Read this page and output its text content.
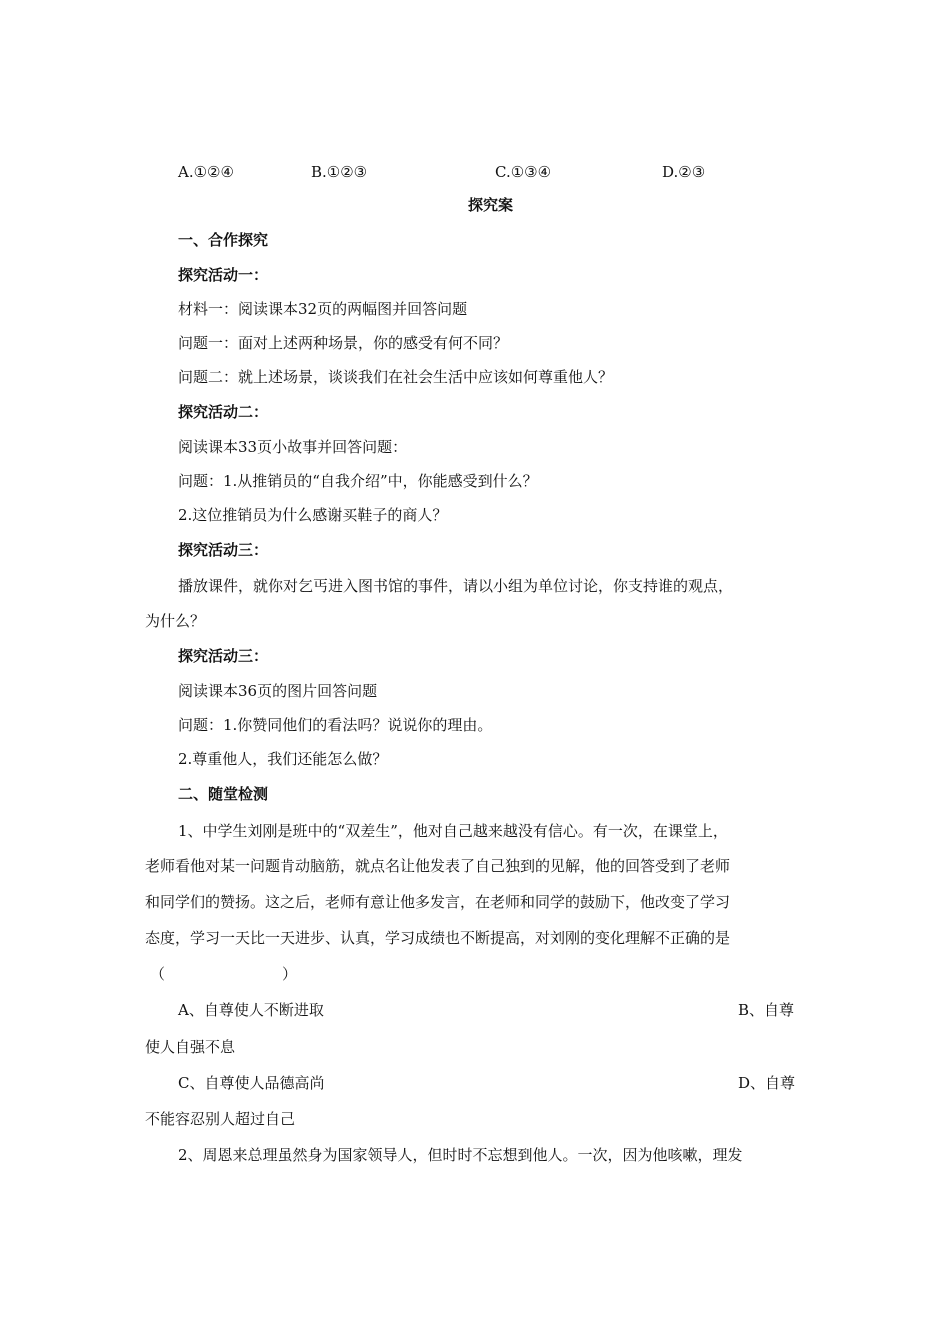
A.①②④	B.①②③	C.①③④	D.②③
探究案
一、合作探究
探究活动一：
材料一：阅读课本32页的两幅图并回答问题
问题一：面对上述两种场景，你的感受有何不同？
问题二：就上述场景，谈谈我们在社会生活中应该如何尊重他人？
探究活动二：
阅读课本33页小故事并回答问题：
问题：1.从推销员的“自我介绍”中，你能感受到什么？
2.这位推销员为什么感谢买鞋子的商人？
探究活动三：
播放课件，就你对乞丐进入图书馆的事件，请以小组为单位讨论，你支持谁的观点，
为什么？
探究活动三：
阅读课本36页的图片回答问题
问题：1.你赞同他们的看法吗？说说你的理由。
2.尊重他人，我们还能怎么做？
二、随堂检测
1、中学生刘刚是班中的“双差生”，他对自己越来越没有信心。有一次，在课堂上，
老师看他对某一问题肯动脑筋，就点名让他发表了自己独到的见解，他的回答受到了老师
和同学们的赞扬。这之后，老师有意让他多发言，在老师和同学的鼓励下，他改变了学习
态度，学习一天比一天进步、认真，学习成绩也不断提高，对刘刚的变化理解不正确的是
（	）
A、自尊使人不断进取	B、自尊
使人自强不息
C、自尊使人品德高尚	D、自尊
不能容忍别人超过自己
2、周恩来总理虽然身为国家领导人，但时时不忘想到他人。一次，因为他咳嗽，理发
